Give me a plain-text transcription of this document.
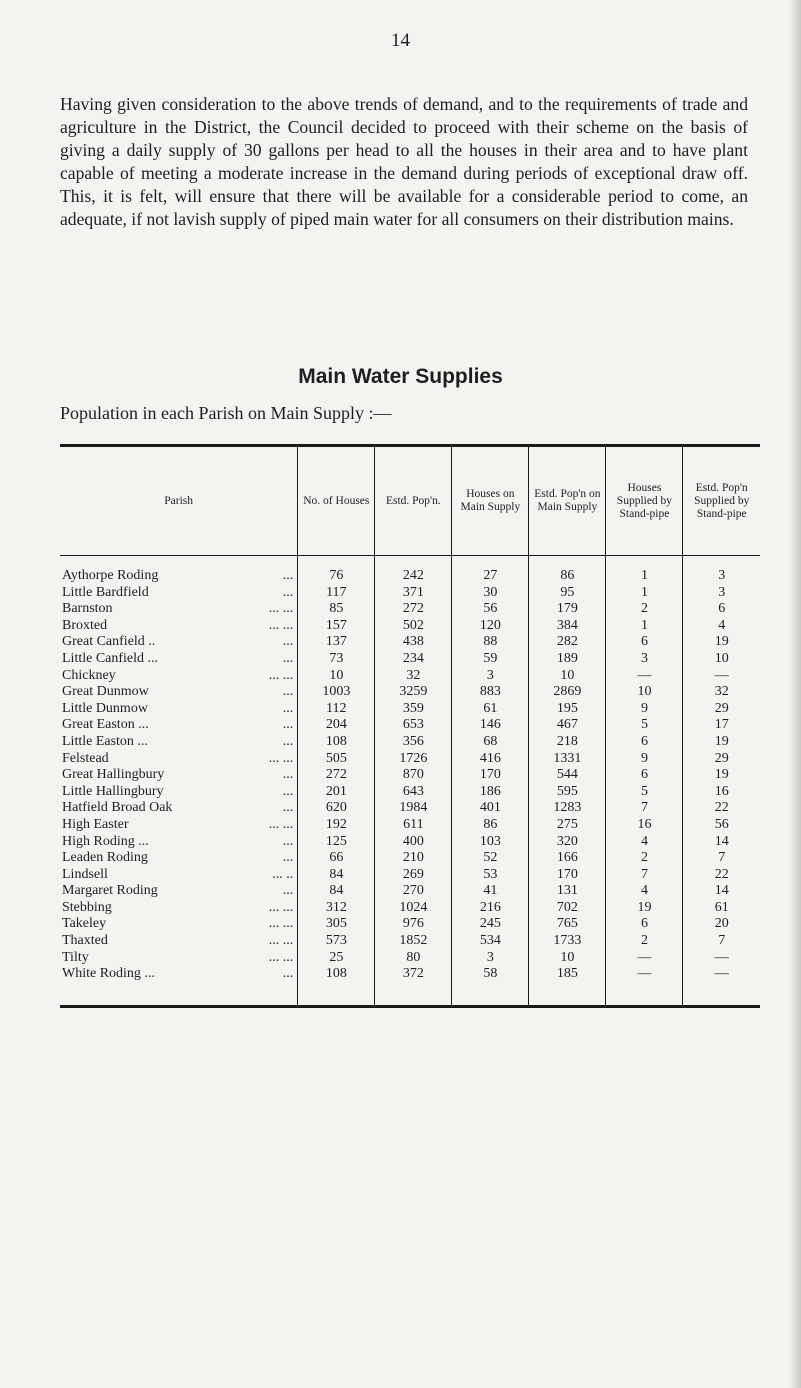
14

Having given consideration to the above trends of demand, and to the requirements of trade and agriculture in the District, the Council decided to proceed with their scheme on the basis of giving a daily supply of 30 gallons per head to all the houses in their area and to have plant capable of meeting a moderate increase in the demand during periods of exceptional draw off. This, it is felt, will ensure that there will be available for a considerable period to come, an adequate, if not lavish supply of piped main water for all consumers on their distribution mains.

Main Water Supplies
Population in each Parish on Main Supply :—
Parish	No. of Houses	Estd. Pop'n.	Houses on Main Supply	Estd. Pop'n on Main Supply	Houses Supplied by Stand-pipe	Estd. Pop'n Supplied by Stand-pipe
Aythorpe Roding ...	76	242	27	86	1	3
Little Bardfield ...	117	371	30	95	1	3
Barnston ... ...	85	272	56	179	2	6
Broxted ... ...	157	502	120	384	1	4
Great Canfield .. ...	137	438	88	282	6	19
Little Canfield ... ...	73	234	59	189	3	10
Chickney ... ...	10	32	3	10	—	—
Great Dunmow ...	1003	3259	883	2869	10	32
Little Dunmow ...	112	359	61	195	9	29
Great Easton ... ...	204	653	146	467	5	17
Little Easton ... ...	108	356	68	218	6	19
Felstead ... ...	505	1726	416	1331	9	29
Great Hallingbury ...	272	870	170	544	6	19
Little Hallingbury ...	201	643	186	595	5	16
Hatfield Broad Oak ...	620	1984	401	1283	7	22
High Easter ... ...	192	611	86	275	16	56
High Roding ... ...	125	400	103	320	4	14
Leaden Roding ...	66	210	52	166	2	7
Lindsell ... ..	84	269	53	170	7	22
Margaret Roding ...	84	270	41	131	4	14
Stebbing ... ...	312	1024	216	702	19	61
Takeley ... ...	305	976	245	765	6	20
Thaxted ... ...	573	1852	534	1733	2	7
Tilty ... ...	25	80	3	10	—	—
White Roding ... ...	108	372	58	185	—	—
